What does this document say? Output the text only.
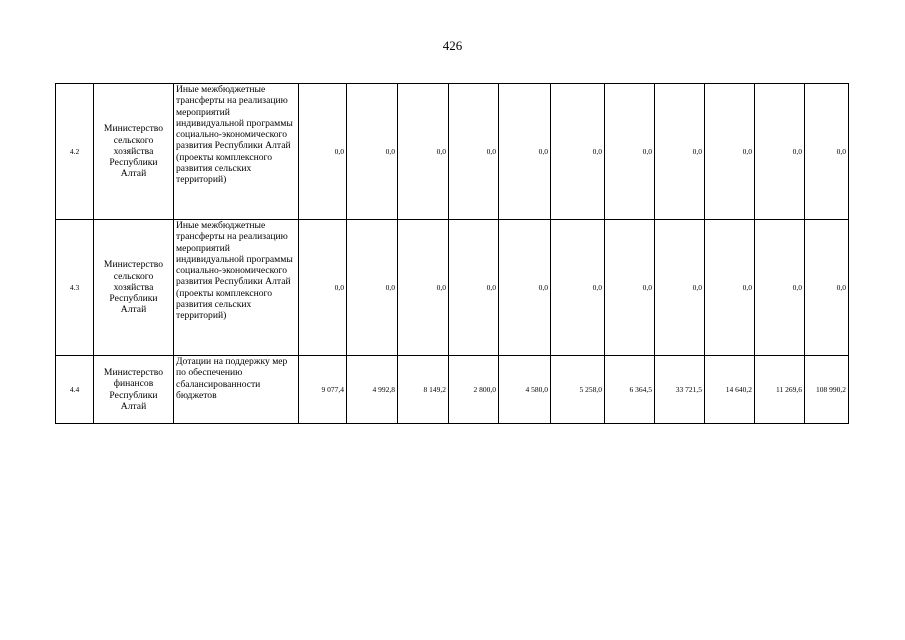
426
4.2	Министерство сельского хозяйства Республики Алтай	Иные межбюджетные трансферты на реализацию мероприятий индивидуальной программы социально-экономического развития Республики Алтай (проекты комплексного развития сельских территорий)	0,0	0,0	0,0	0,0	0,0	0,0	0,0	0,0	0,0	0,0	0,0
4.3	Министерство сельского хозяйства Республики Алтай	Иные межбюджетные трансферты на реализацию мероприятий индивидуальной программы социально-экономического развития Республики Алтай (проекты комплексного развития сельских территорий)	0,0	0,0	0,0	0,0	0,0	0,0	0,0	0,0	0,0	0,0	0,0
4.4	Министерство финансов Республики Алтай	Дотации на поддержку мер по обеспечению сбалансированности бюджетов	9 077,4	4 992,8	8 149,2	2 800,0	4 580,0	5 258,0	6 364,5	33 721,5	14 640,2	11 269,6	108 990,2
